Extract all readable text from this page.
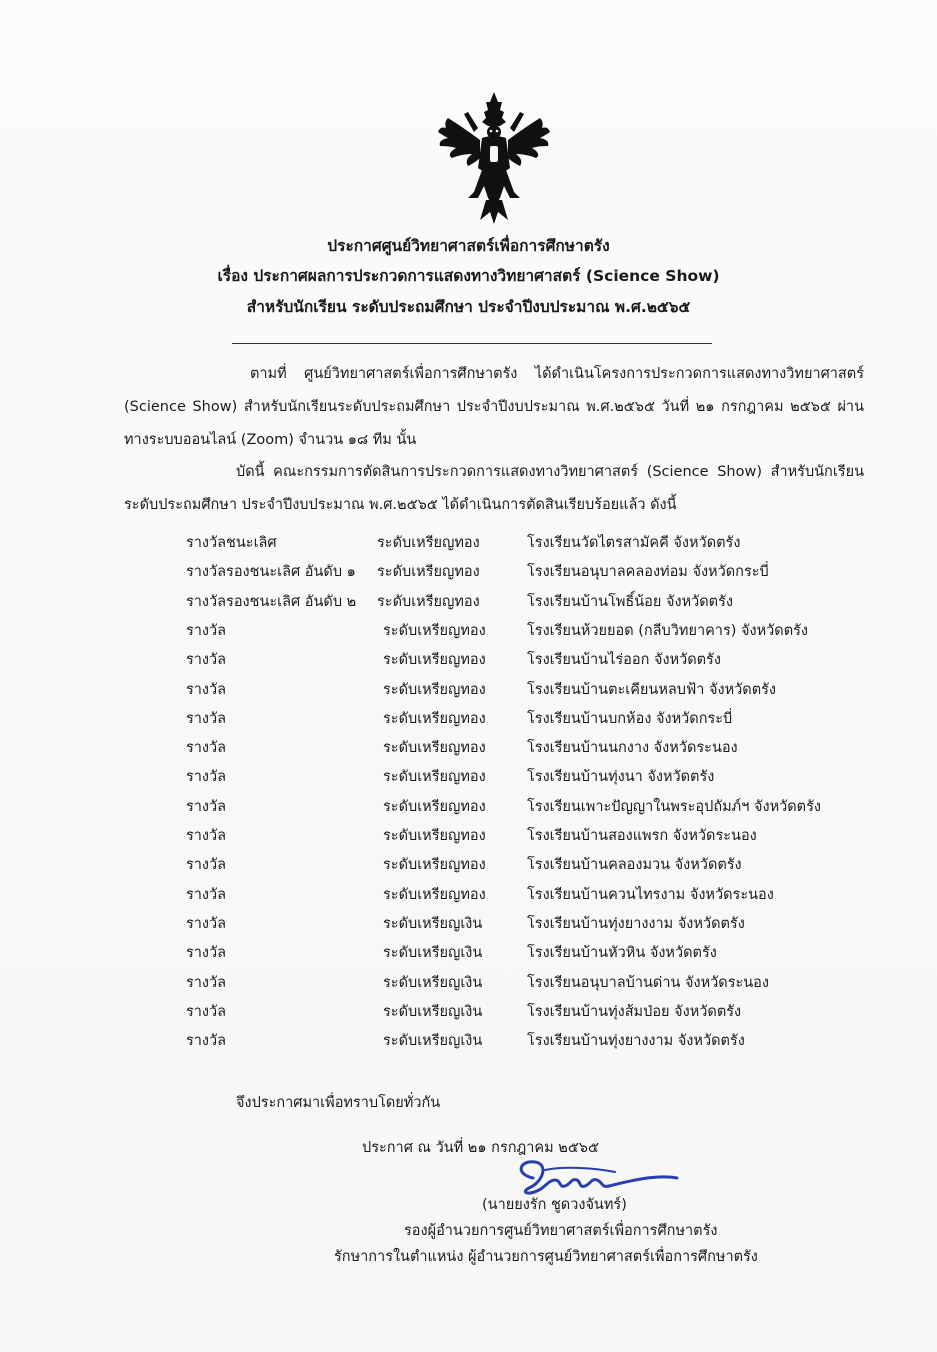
ประกาศศูนย์วิทยาศาสตร์เพื่อการศึกษาตรัง
เรื่อง ประกาศผลการประกวดการแสดงทางวิทยาศาสตร์ (Science Show)
สำหรับนักเรียน ระดับประถมศึกษา ประจำปีงบประมาณ พ.ศ.๒๕๖๕
ตามที่ ศูนย์วิทยาศาสตร์เพื่อการศึกษาตรัง ได้ดำเนินโครงการประกวดการแสดงทางวิทยาศาสตร์ (Science Show) สำหรับนักเรียนระดับประถมศึกษา ประจำปีงบประมาณ พ.ศ.๒๕๖๕ วันที่ ๒๑ กรกฎาคม ๒๕๖๕ ผ่านทางระบบออนไลน์ (Zoom) จำนวน ๑๘ ทีม นั้น
บัดนี้ คณะกรรมการตัดสินการประกวดการแสดงทางวิทยาศาสตร์ (Science Show) สำหรับนักเรียนระดับประถมศึกษา ประจำปีงบประมาณ พ.ศ.๒๕๖๕ ได้ดำเนินการตัดสินเรียบร้อยแล้ว ดังนี้
รางวัลชนะเลิศ	ระดับเหรียญทอง	โรงเรียนวัดไตรสามัคคี จังหวัดตรัง
รางวัลรองชนะเลิศ อันดับ ๑ ระดับเหรียญทอง	โรงเรียนอนุบาลคลองท่อม จังหวัดกระบี่
รางวัลรองชนะเลิศ อันดับ ๒ ระดับเหรียญทอง	โรงเรียนบ้านโพธิ์น้อย จังหวัดตรัง
รางวัล	ระดับเหรียญทอง	โรงเรียนห้วยยอด (กลีบวิทยาคาร) จังหวัดตรัง
รางวัล	ระดับเหรียญทอง	โรงเรียนบ้านไร่ออก จังหวัดตรัง
รางวัล	ระดับเหรียญทอง	โรงเรียนบ้านตะเคียนหลบฟ้า จังหวัดตรัง
รางวัล	ระดับเหรียญทอง	โรงเรียนบ้านบกห้อง จังหวัดกระบี่
รางวัล	ระดับเหรียญทอง	โรงเรียนบ้านนกงาง จังหวัดระนอง
รางวัล	ระดับเหรียญทอง	โรงเรียนบ้านทุ่งนา จังหวัดตรัง
รางวัล	ระดับเหรียญทอง	โรงเรียนเพาะปัญญาในพระอุปถัมภ์ฯ จังหวัดตรัง
รางวัล	ระดับเหรียญทอง	โรงเรียนบ้านสองแพรก จังหวัดระนอง
รางวัล	ระดับเหรียญทอง	โรงเรียนบ้านคลองมวน จังหวัดตรัง
รางวัล	ระดับเหรียญทอง	โรงเรียนบ้านควนไทรงาม จังหวัดระนอง
รางวัล	ระดับเหรียญเงิน	โรงเรียนบ้านทุ่งยางงาม จังหวัดตรัง
รางวัล	ระดับเหรียญเงิน	โรงเรียนบ้านหัวหิน จังหวัดตรัง
รางวัล	ระดับเหรียญเงิน	โรงเรียนอนุบาลบ้านด่าน จังหวัดระนอง
รางวัล	ระดับเหรียญเงิน	โรงเรียนบ้านทุ่งส้มป่อย จังหวัดตรัง
รางวัล	ระดับเหรียญเงิน	โรงเรียนบ้านทุ่งยางงาม จังหวัดตรัง
จึงประกาศมาเพื่อทราบโดยทั่วกัน
ประกาศ ณ วันที่ ๒๑ กรกฎาคม ๒๕๖๕
(นายยงรัก ชูดวงจันทร์)
รองผู้อำนวยการศูนย์วิทยาศาสตร์เพื่อการศึกษาตรัง
รักษาการในตำแหน่ง ผู้อำนวยการศูนย์วิทยาศาสตร์เพื่อการศึกษาตรัง
